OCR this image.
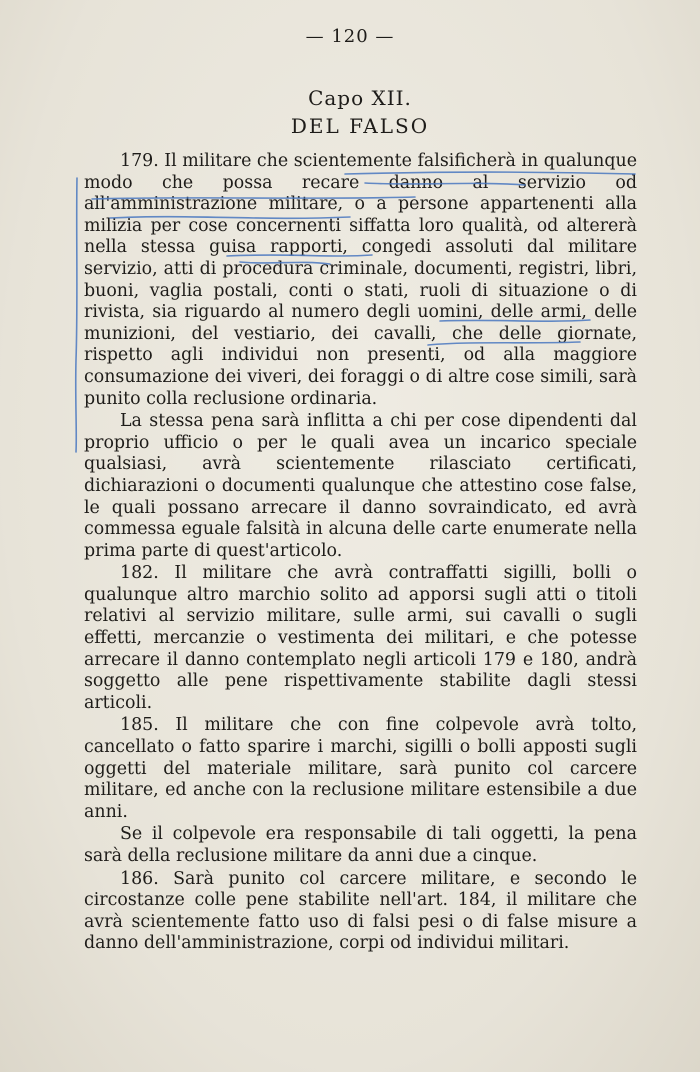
— 120 —
Capo XII.
DEL FALSO

179. Il militare che scientemente falsificherà in qualunque modo che possa recare danno al servizio od all'amministrazione militare, o a persone appartenenti alla milizia per cose concernenti siffatta loro qualità, od altererà nella stessa guisa rapporti, congedi assoluti dal militare servizio, atti di procedura criminale, documenti, registri, libri, buoni, vaglia postali, conti o stati, ruoli di situazione o di rivista, sia riguardo al numero degli uomini, delle armi, delle munizioni, del vestiario, dei cavalli, che delle giornate, rispetto agli individui non presenti, od alla maggiore consumazione dei viveri, dei foraggi o di altre cose simili, sarà punito colla reclusione ordinaria.

La stessa pena sarà inflitta a chi per cose dipendenti dal proprio ufficio o per le quali avea un incarico speciale qualsiasi, avrà scientemente rilasciato certificati, dichiarazioni o documenti qualunque che attestino cose false, le quali possano arrecare il danno sovraindicato, ed avrà commessa eguale falsità in alcuna delle carte enumerate nella prima parte di quest'articolo.

182. Il militare che avrà contraffatti sigilli, bolli o qualunque altro marchio solito ad apporsi sugli atti o titoli relativi al servizio militare, sulle armi, sui cavalli o sugli effetti, mercanzie o vestimenta dei militari, e che potesse arrecare il danno contemplato negli articoli 179 e 180, andrà soggetto alle pene rispettivamente stabilite dagli stessi articoli.

185. Il militare che con fine colpevole avrà tolto, cancellato o fatto sparire i marchi, sigilli o bolli apposti sugli oggetti del materiale militare, sarà punito col carcere militare, ed anche con la reclusione militare estensibile a due anni.

Se il colpevole era responsabile di tali oggetti, la pena sarà della reclusione militare da anni due a cinque.

186. Sarà punito col carcere militare, e secondo le circostanze colle pene stabilite nell'art. 184, il militare che avrà scientemente fatto uso di falsi pesi o di false misure a danno dell'amministrazione, corpi od individui militari.
